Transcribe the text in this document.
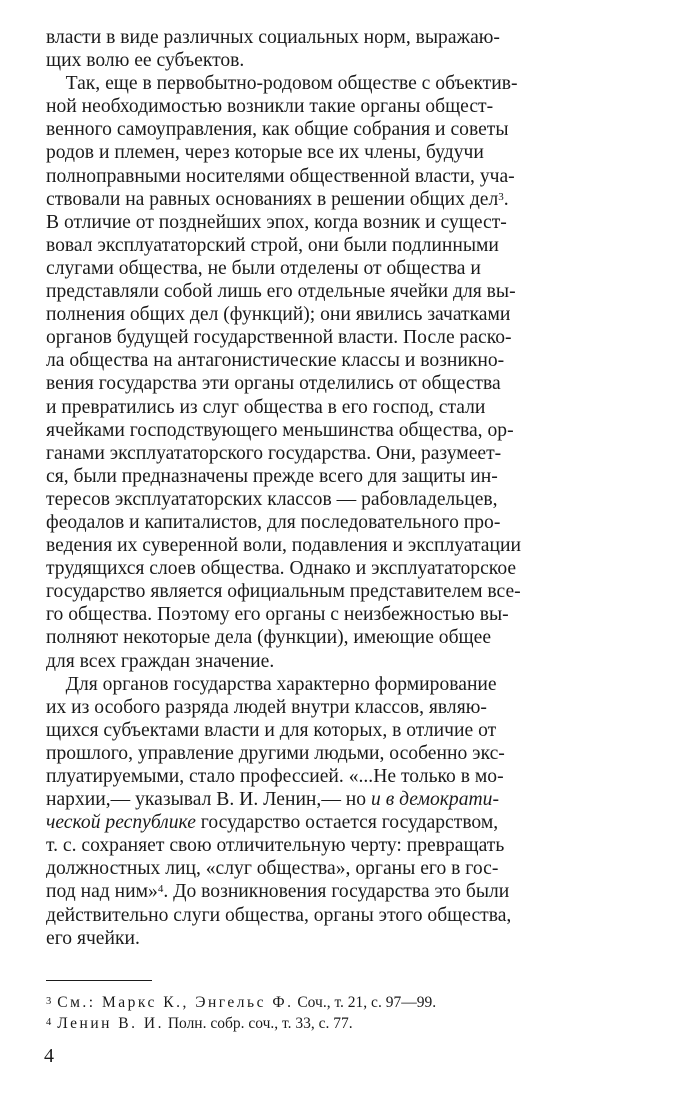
власти в виде различных социальных норм, выражаю-
щих волю ее субъектов.
Так, еще в первобытно-родовом обществе с объектив-
ной необходимостью возникли такие органы общест-
венного самоуправления, как общие собрания и советы
родов и племен, через которые все их члены, будучи
полноправными носителями общественной власти, уча-
ствовали на равных основаниях в решении общих дел$^3$.
В отличие от позднейших эпох, когда возник и сущест-
вовал эксплуататорский строй, они были подлинными
слугами общества, не были отделены от общества и
представляли собой лишь его отдельные ячейки для вы-
полнения общих дел (функций); они явились зачатками
органов будущей государственной власти. После раско-
ла общества на антагонистические классы и возникно-
вения государства эти органы отделились от общества
и превратились из слуг общества в его господ, стали
ячейками господствующего меньшинства общества, ор-
ганами эксплуататорского государства. Они, разумеет-
ся, были предназначены прежде всего для защиты ин-
тересов эксплуататорских классов — рабовладельцев,
феодалов и капиталистов, для последовательного про-
ведения их суверенной воли, подавления и эксплуатации
трудящихся слоев общества. Однако и эксплуататорское
государство является официальным представителем все-
го общества. Поэтому его органы с неизбежностью вы-
полняют некоторые дела (функции), имеющие общее
для всех граждан значение.
Для органов государства характерно формирование
их из особого разряда людей внутри классов, являю-
щихся субъектами власти и для которых, в отличие от
прошлого, управление другими людьми, особенно экс-
плуатируемыми, стало профессией. «...Не только в мо-
нархии,— указывал В. И. Ленин,— но и в демократи-
ческой республике государство остается государством,
т. с. сохраняет свою отличительную черту: превращать
должностных лиц, «слуг общества», органы его в гос-
под над ним»$^4$. До возникновения государства это были
действительно слуги общества, органы этого общества,
его ячейки.
$^3$ См.: Маркс К., Энгельс Ф. Соч., т. 21, с. 97—99.
$^4$ Ленин В. И. Полн. собр. соч., т. 33, с. 77.
4
